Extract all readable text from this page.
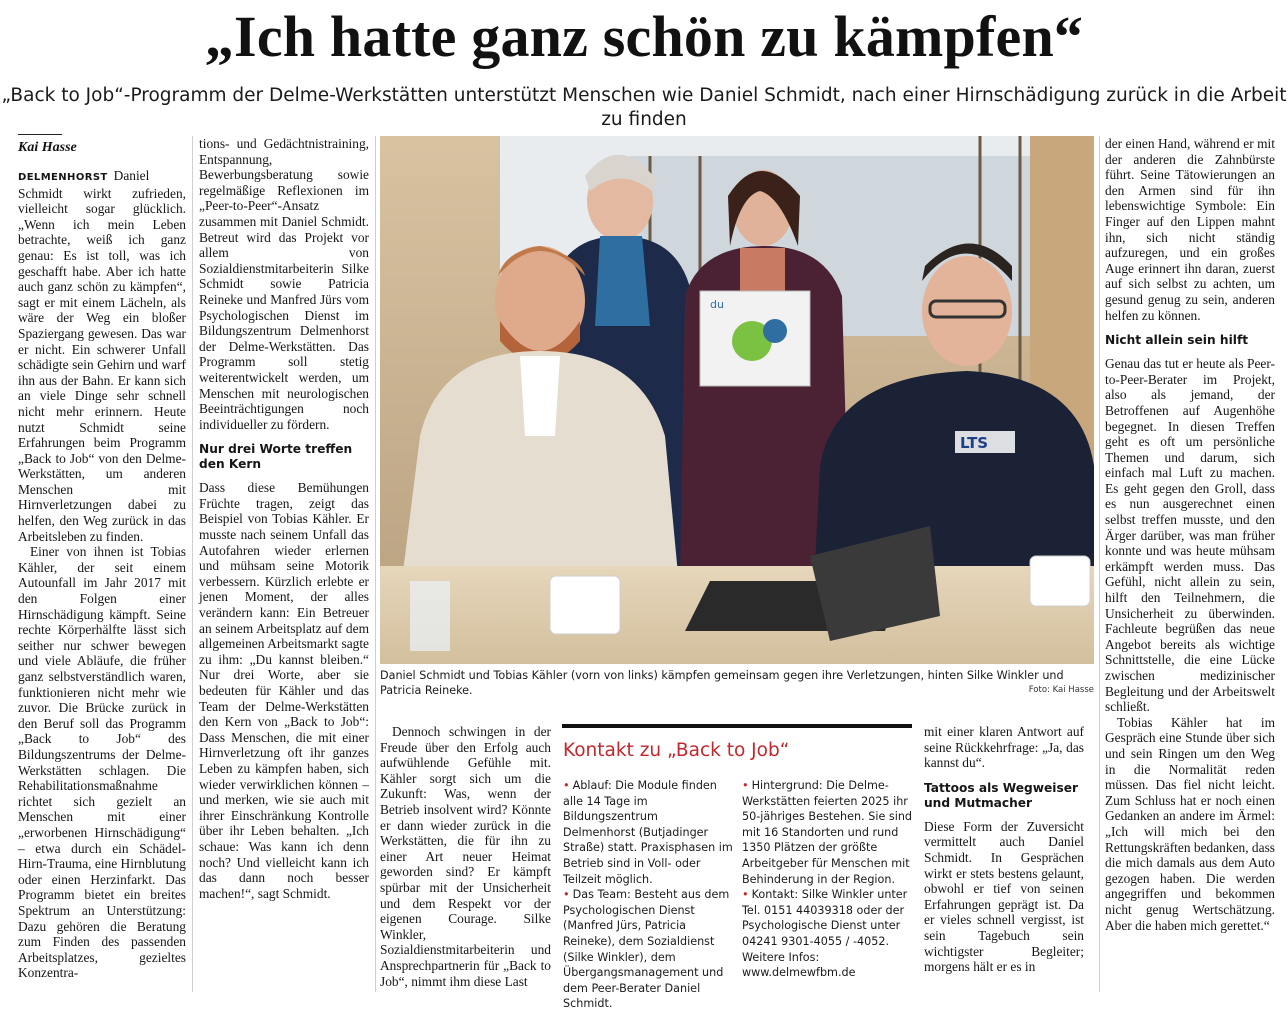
„Ich hatte ganz schön zu kämpfen“
„Back to Job“-Programm der Delme-Werkstätten unterstützt Menschen wie Daniel Schmidt, nach einer Hirnschädigung zurück in die Arbeit zu finden
Kai Hasse

DELMENHORST Daniel Schmidt wirkt zufrieden, vielleicht sogar glücklich. „Wenn ich mein Leben betrachte, weiß ich ganz genau: Es ist toll, was ich geschafft habe. Aber ich hatte auch ganz schön zu kämpfen“, sagt er mit einem Lächeln, als wäre der Weg ein bloßer Spaziergang gewesen. Das war er nicht. Ein schwerer Unfall schädigte sein Gehirn und warf ihn aus der Bahn. Er kann sich an viele Dinge sehr schnell nicht mehr erinnern. Heute nutzt Schmidt seine Erfahrungen beim Programm „Back to Job“ von den Delme-Werkstätten, um anderen Menschen mit Hirnverletzungen dabei zu helfen, den Weg zurück in das Arbeitsleben zu finden.

Einer von ihnen ist Tobias Kähler, der seit einem Autounfall im Jahr 2017 mit den Folgen einer Hirnschädigung kämpft. Seine rechte Körperhälfte lässt sich seither nur schwer bewegen und viele Abläufe, die früher ganz selbstverständlich waren, funktionieren nicht mehr wie zuvor. Die Brücke zurück in den Beruf soll das Programm „Back to Job“ des Bildungszentrums der Delme-Werkstätten schlagen. Die Rehabilitationsmaßnahme richtet sich gezielt an Menschen mit einer „erworbenen Hirnschädigung“ – etwa durch ein Schädel-Hirn-Trauma, eine Hirnblutung oder einen Herzinfarkt. Das Programm bietet ein breites Spektrum an Unterstützung: Dazu gehören die Beratung zum Finden des passenden Arbeitsplatzes, gezieltes Konzentra-

tions- und Gedächtnistraining, Entspannung, Bewerbungsberatung sowie regelmäßige Reflexionen im „Peer-to-Peer“-Ansatz zusammen mit Daniel Schmidt. Betreut wird das Projekt vor allem von Sozialdienstmitarbeiterin Silke Schmidt sowie Patricia Reineke und Manfred Jürs vom Psychologischen Dienst im Bildungszentrum Delmenhorst der Delme-Werkstätten. Das Programm soll stetig weiterentwickelt werden, um Menschen mit neurologischen Beeinträchtigungen noch individueller zu fördern.

Nur drei Worte treffen den Kern

Dass diese Bemühungen Früchte tragen, zeigt das Beispiel von Tobias Kähler. Er musste nach seinem Unfall das Autofahren wieder erlernen und mühsam seine Motorik verbessern. Kürzlich erlebte er jenen Moment, der alles verändern kann: Ein Betreuer an seinem Arbeitsplatz auf dem allgemeinen Arbeitsmarkt sagte zu ihm: „Du kannst bleiben.“ Nur drei Worte, aber sie bedeuten für Kähler und das Team der Delme-Werkstätten den Kern von „Back to Job“: Dass Menschen, die mit einer Hirnverletzung oft ihr ganzes Leben zu kämpfen haben, sich wieder verwirklichen können – und merken, wie sie auch mit ihrer Einschränkung Kontrolle über ihr Leben behalten. „Ich schaue: Was kann ich denn noch? Und vielleicht kann ich das dann noch besser machen!“, sagt Schmidt.

du
LTS
Daniel Schmidt und Tobias Kähler (vorn von links) kämpfen gemeinsam gegen ihre Verletzungen, hinten Silke Winkler und Patricia Reineke.	Foto: Kai Hasse

Dennoch schwingen in der Freude über den Erfolg auch aufwühlende Gefühle mit. Kähler sorgt sich um die Zukunft: Was, wenn der Betrieb insolvent wird? Könnte er dann wieder zurück in die Werkstätten, die für ihn zu einer Art neuer Heimat geworden sind? Er kämpft spürbar mit der Unsicherheit und dem Respekt vor der eigenen Courage. Silke Winkler, Sozialdienstmitarbeiterin und Ansprechpartnerin für „Back to Job“, nimmt ihm diese Last

Kontakt zu „Back to Job“

• Ablauf: Die Module finden alle 14 Tage im Bildungszentrum Delmenhorst (Butjadinger Straße) statt. Praxisphasen im Betrieb sind in Voll- oder Teilzeit möglich.

• Das Team: Besteht aus dem Psychologischen Dienst (Manfred Jürs, Patricia Reineke), dem Sozialdienst (Silke Winkler), dem Übergangsmanagement und dem Peer-Berater Daniel Schmidt.

• Hintergrund: Die Delme-Werkstätten feierten 2025 ihr 50-jähriges Bestehen. Sie sind mit 16 Standorten und rund 1350 Plätzen der größte Arbeitgeber für Menschen mit Behinderung in der Region.

• Kontakt: Silke Winkler unter Tel. 0151 44039318 oder der Psychologische Dienst unter 04241 9301-4055 / -4052. Weitere Infos: www.delmewfbm.de

mit einer klaren Antwort auf seine Rückkehrfrage: „Ja, das kannst du“.

Tattoos als Wegweiser und Mutmacher

Diese Form der Zuversicht vermittelt auch Daniel Schmidt. In Gesprächen wirkt er stets bestens gelaunt, obwohl er tief von seinen Erfahrungen geprägt ist. Da er vieles schnell vergisst, ist sein Tagebuch sein wichtigster Begleiter; morgens hält er es in

der einen Hand, während er mit der anderen die Zahnbürste führt. Seine Tätowierungen an den Armen sind für ihn lebenswichtige Symbole: Ein Finger auf den Lippen mahnt ihn, sich nicht ständig aufzuregen, und ein großes Auge erinnert ihn daran, zuerst auf sich selbst zu achten, um gesund genug zu sein, anderen helfen zu können.

Nicht allein sein hilft

Genau das tut er heute als Peer-to-Peer-Berater im Projekt, also als jemand, der Betroffenen auf Augenhöhe begegnet. In diesen Treffen geht es oft um persönliche Themen und darum, sich einfach mal Luft zu machen. Es geht gegen den Groll, dass es nun ausgerechnet einen selbst treffen musste, und den Ärger darüber, was man früher konnte und was heute mühsam erkämpft werden muss. Das Gefühl, nicht allein zu sein, hilft den Teilnehmern, die Unsicherheit zu überwinden. Fachleute begrüßen das neue Angebot bereits als wichtige Schnittstelle, die eine Lücke zwischen medizinischer Begleitung und der Arbeitswelt schließt.

Tobias Kähler hat im Gespräch eine Stunde über sich und sein Ringen um den Weg in die Normalität reden müssen. Das fiel nicht leicht. Zum Schluss hat er noch einen Gedanken an andere im Ärmel: „Ich will mich bei den Rettungskräften bedanken, dass die mich damals aus dem Auto gezogen haben. Die werden angegriffen und bekommen nicht genug Wertschätzung. Aber die haben mich gerettet.“
